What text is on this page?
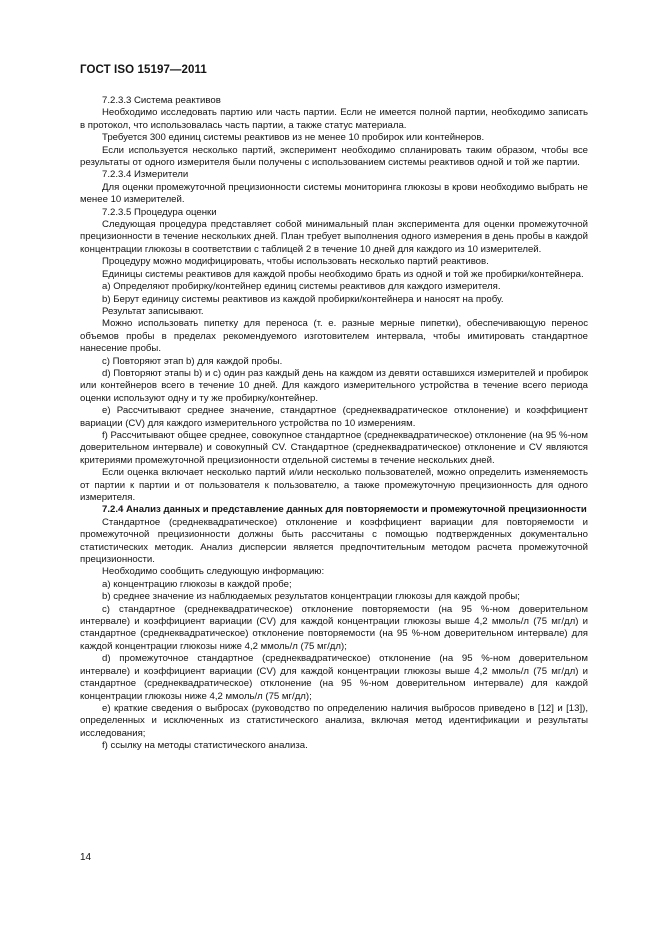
ГОСТ ISO 15197—2011

7.2.3.3 Система реактивов

Необходимо исследовать партию или часть партии. Если не имеется полной партии, необходимо записать в протокол, что использовалась часть партии, а также статус материала.

Требуется 300 единиц системы реактивов из не менее 10 пробирок или контейнеров.

Если используется несколько партий, эксперимент необходимо спланировать таким образом, чтобы все результаты от одного измерителя были получены с использованием системы реактивов одной и той же партии.

7.2.3.4 Измерители

Для оценки промежуточной прецизионности системы мониторинга глюкозы в крови необходимо выбрать не менее 10 измерителей.

7.2.3.5 Процедура оценки

Следующая процедура представляет собой минимальный план эксперимента для оценки промежуточной прецизионности в течение нескольких дней. План требует выполнения одного измерения в день пробы в каждой концентрации глюкозы в соответствии с таблицей 2 в течение 10 дней для каждого из 10 измерителей.

Процедуру можно модифицировать, чтобы использовать несколько партий реактивов.

Единицы системы реактивов для каждой пробы необходимо брать из одной и той же пробирки/контейнера.

a) Определяют пробирку/контейнер единиц системы реактивов для каждого измерителя.

b) Берут единицу системы реактивов из каждой пробирки/контейнера и наносят на пробу.

Результат записывают.

Можно использовать пипетку для переноса (т. е. разные мерные пипетки), обеспечивающую перенос объемов пробы в пределах рекомендуемого изготовителем интервала, чтобы имитировать стандартное нанесение пробы.

c) Повторяют этап b) для каждой пробы.

d) Повторяют этапы b) и c) один раз каждый день на каждом из девяти оставшихся измерителей и пробирок или контейнеров всего в течение 10 дней. Для каждого измерительного устройства в течение всего периода оценки используют одну и ту же пробирку/контейнер.

e) Рассчитывают среднее значение, стандартное (среднеквадратическое отклонение) и коэффициент вариации (CV) для каждого измерительного устройства по 10 измерениям.

f) Рассчитывают общее среднее, совокупное стандартное (среднеквадратическое) отклонение (на 95 %-ном доверительном интервале) и совокупный CV. Стандартное (среднеквадратическое) отклонение и CV являются критериями промежуточной прецизионности отдельной системы в течение нескольких дней.

Если оценка включает несколько партий и/или несколько пользователей, можно определить изменяемость от партии к партии и от пользователя к пользователю, а также промежуточную прецизионность для одного измерителя.

7.2.4 Анализ данных и представление данных для повторяемости и промежуточной прецизионности

Стандартное (среднеквадратическое) отклонение и коэффициент вариации для повторяемости и промежуточной прецизионности должны быть рассчитаны с помощью подтвержденных документально статистических методик. Анализ дисперсии является предпочтительным методом расчета промежуточной прецизионности.

Необходимо сообщить следующую информацию:

a) концентрацию глюкозы в каждой пробе;

b) среднее значение из наблюдаемых результатов концентрации глюкозы для каждой пробы;

c) стандартное (среднеквадратическое) отклонение повторяемости (на 95 %-ном доверительном интервале) и коэффициент вариации (CV) для каждой концентрации глюкозы выше 4,2 ммоль/л (75 мг/дл) и стандартное (среднеквадратическое) отклонение повторяемости (на 95 %-ном доверительном интервале) для каждой концентрации глюкозы ниже 4,2 ммоль/л (75 мг/дл);

d) промежуточное стандартное (среднеквадратическое) отклонение (на 95 %-ном доверительном интервале) и коэффициент вариации (CV) для каждой концентрации глюкозы выше 4,2 ммоль/л (75 мг/дл) и стандартное (среднеквадратическое) отклонение (на 95 %-ном доверительном интервале) для каждой концентрации глюкозы ниже 4,2 ммоль/л (75 мг/дл);

e) краткие сведения о выбросах (руководство по определению наличия выбросов приведено в [12] и [13]), определенных и исключенных из статистического анализа, включая метод идентификации и результаты исследования;

f) ссылку на методы статистического анализа.

14
